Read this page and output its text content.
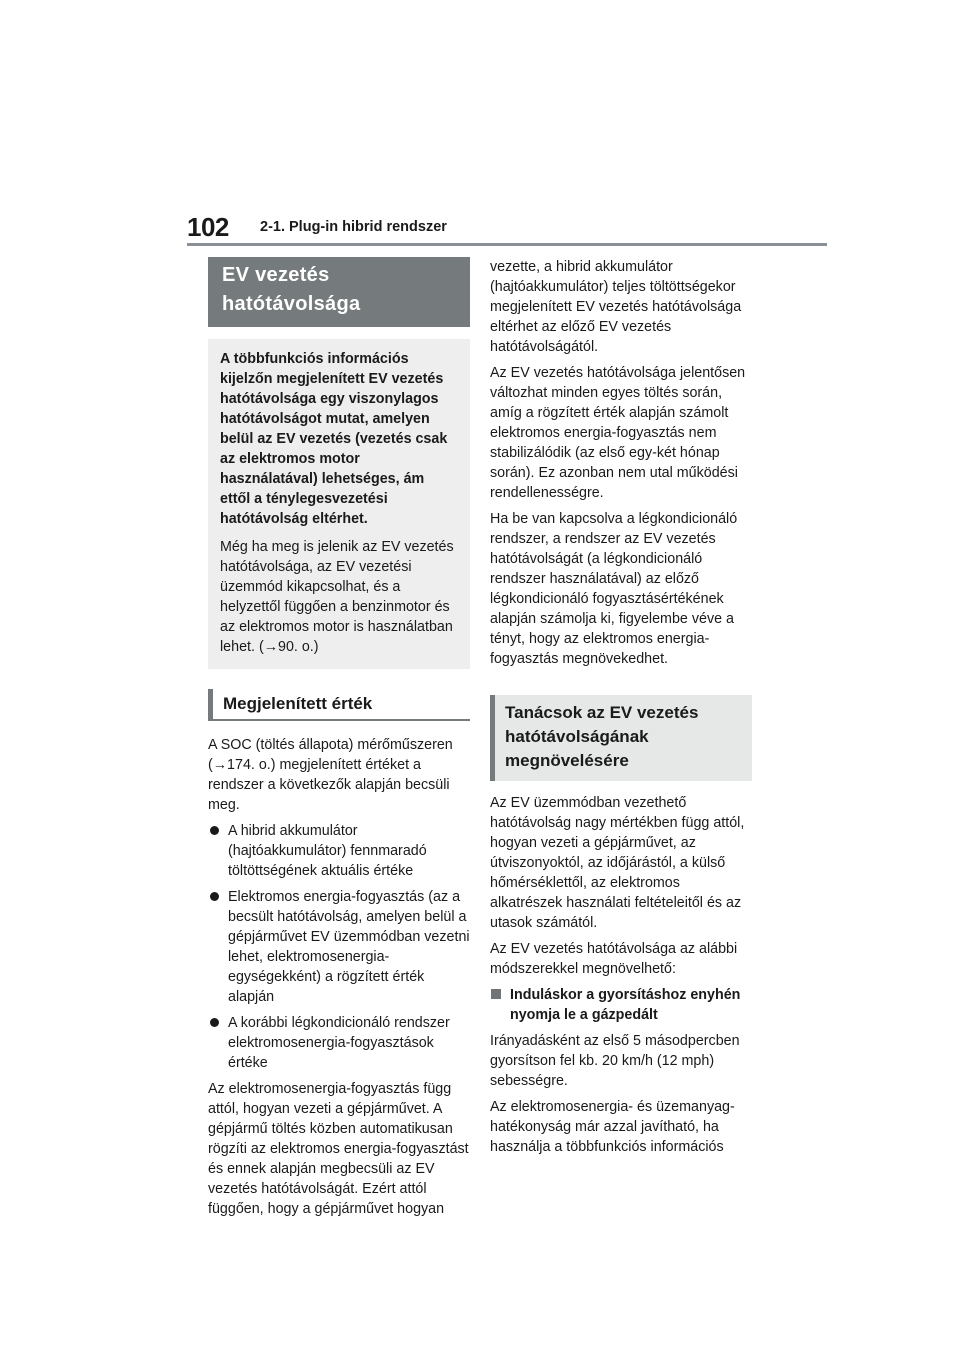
102 2-1. Plug-in hibrid rendszer
EV vezetés hatótávolsága

A többfunkciós információs kijelzőn megjelenített EV vezetés hatótávolsága egy viszonylagos hatótávolságot mutat, amelyen belül az EV vezetés (vezetés csak az elektromos motor használatával) lehetséges, ám ettől a ténylegesvezetési hatótávolság eltérhet.

Még ha meg is jelenik az EV vezetés hatótávolsága, az EV vezetési üzemmód kikapcsolhat, és a helyzettől függően a benzinmotor és az elektromos motor is használatban lehet. (→90. o.)

Megjelenített érték

A SOC (töltés állapota) mérőműszeren (→174. o.) megjelenített értéket a rendszer a következők alapján becsüli meg.

A hibrid akkumulátor (hajtóakkumulátor) fennmaradó töltöttségének aktuális értéke
Elektromos energia-fogyasztás (az a becsült hatótávolság, amelyen belül a gépjárművet EV üzemmódban vezetni lehet, elektromosenergia-egységekként) a rögzített érték alapján
A korábbi légkondicionáló rendszer elektromosenergia-fogyasztások értéke

Az elektromosenergia-fogyasztás függ attól, hogyan vezeti a gépjárművet. A gépjármű töltés közben automatikusan rögzíti az elektromos energia-fogyasztást és ennek alapján megbecsüli az EV vezetés hatótávolságát. Ezért attól függően, hogy a gépjárművet hogyan

vezette, a hibrid akkumulátor (hajtóakkumulátor) teljes töltöttségekor megjelenített EV vezetés hatótávolsága eltérhet az előző EV vezetés hatótávolságától.

Az EV vezetés hatótávolsága jelentősen változhat minden egyes töltés során, amíg a rögzített érték alapján számolt elektromos energia-fogyasztás nem stabilizálódik (az első egy-két hónap során). Ez azonban nem utal működési rendellenességre.

Ha be van kapcsolva a légkondicionáló rendszer, a rendszer az EV vezetés hatótávolságát (a légkondicionáló rendszer használatával) az előző légkondicionáló fogyasztásértékének alapján számolja ki, figyelembe véve a tényt, hogy az elektromos energia-fogyasztás megnövekedhet.

Tanácsok az EV vezetés hatótávolságának megnövelésére

Az EV üzemmódban vezethető hatótávolság nagy mértékben függ attól, hogyan vezeti a gépjárművet, az útviszonyoktól, az időjárástól, a külső hőmérséklettől, az elektromos alkatrészek használati feltételeitől és az utasok számától.

Az EV vezetés hatótávolsága az alábbi módszerekkel megnövelhető:

Induláskor a gyorsításhoz enyhén nyomja le a gázpedált

Irányadásként az első 5 másodpercben gyorsítson fel kb. 20 km/h (12 mph) sebességre.

Az elektromosenergia- és üzemanyag-hatékonyság már azzal javítható, ha használja a többfunkciós információs
